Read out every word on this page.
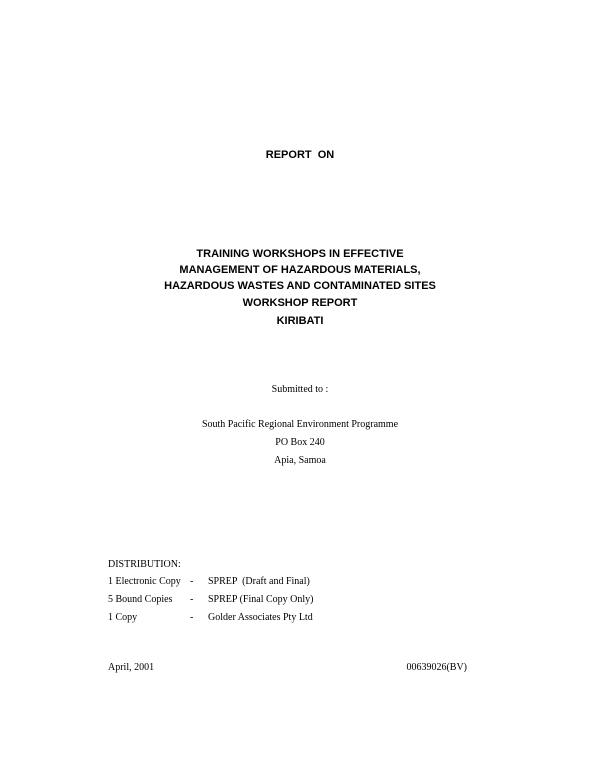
REPORT  ON
TRAINING WORKSHOPS IN EFFECTIVE
MANAGEMENT OF HAZARDOUS MATERIALS,
HAZARDOUS WASTES AND CONTAMINATED SITES
WORKSHOP REPORT
KIRIBATI
Submitted to :
South Pacific Regional Environment Programme
PO Box 240
Apia, Samoa
DISTRIBUTION:
1 Electronic Copy - SPREP  (Draft and Final)
5 Bound Copies - SPREP (Final Copy Only)
1 Copy	- Golder Associates Pty Ltd
April, 2001	00639026(BV)
